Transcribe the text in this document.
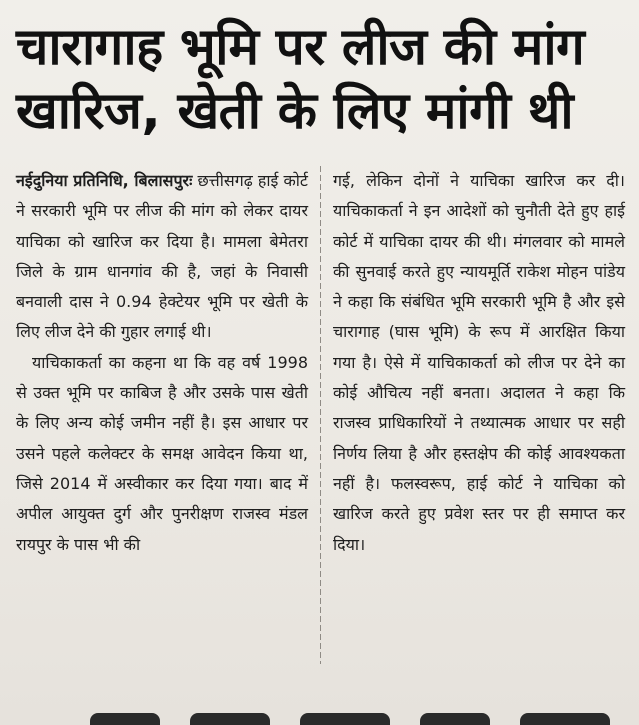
चारागाह भूमि पर लीज की मांग
खारिज, खेती के लिए मांगी थी

नईदुनिया प्रतिनिधि, बिलासपुरः छत्तीसगढ़ हाई कोर्ट ने सरकारी भूमि पर लीज की मांग को लेकर दायर याचिका को खारिज कर दिया है। मामला बेमेतरा जिले के ग्राम धानगांव की है, जहां के निवासी बनवाली दास ने 0.94 हेक्टेयर भूमि पर खेती के लिए लीज देने की गुहार लगाई थी।

याचिकाकर्ता का कहना था कि वह वर्ष 1998 से उक्त भूमि पर काबिज है और उसके पास खेती के लिए अन्य कोई जमीन नहीं है। इस आधार पर उसने पहले कलेक्टर के समक्ष आवेदन किया था, जिसे 2014 में अस्वीकार कर दिया गया। बाद में अपील आयुक्त दुर्ग और पुनरीक्षण राजस्व मंडल रायपुर के पास भी की

गई, लेकिन दोनों ने याचिका खारिज कर दी। याचिकाकर्ता ने इन आदेशों को चुनौती देते हुए हाई कोर्ट में याचिका दायर की थी। मंगलवार को मामले की सुनवाई करते हुए न्यायमूर्ति राकेश मोहन पांडेय ने कहा कि संबंधित भूमि सरकारी भूमि है और इसे चारागाह (घास भूमि) के रूप में आरक्षित किया गया है। ऐसे में याचिकाकर्ता को लीज पर देने का कोई औचित्य नहीं बनता। अदालत ने कहा कि राजस्व प्राधिकारियों ने तथ्यात्मक आधार पर सही निर्णय लिया है और हस्तक्षेप की कोई आवश्यकता नहीं है। फलस्वरूप, हाई कोर्ट ने याचिका को खारिज करते हुए प्रवेश स्तर पर ही समाप्त कर दिया।
